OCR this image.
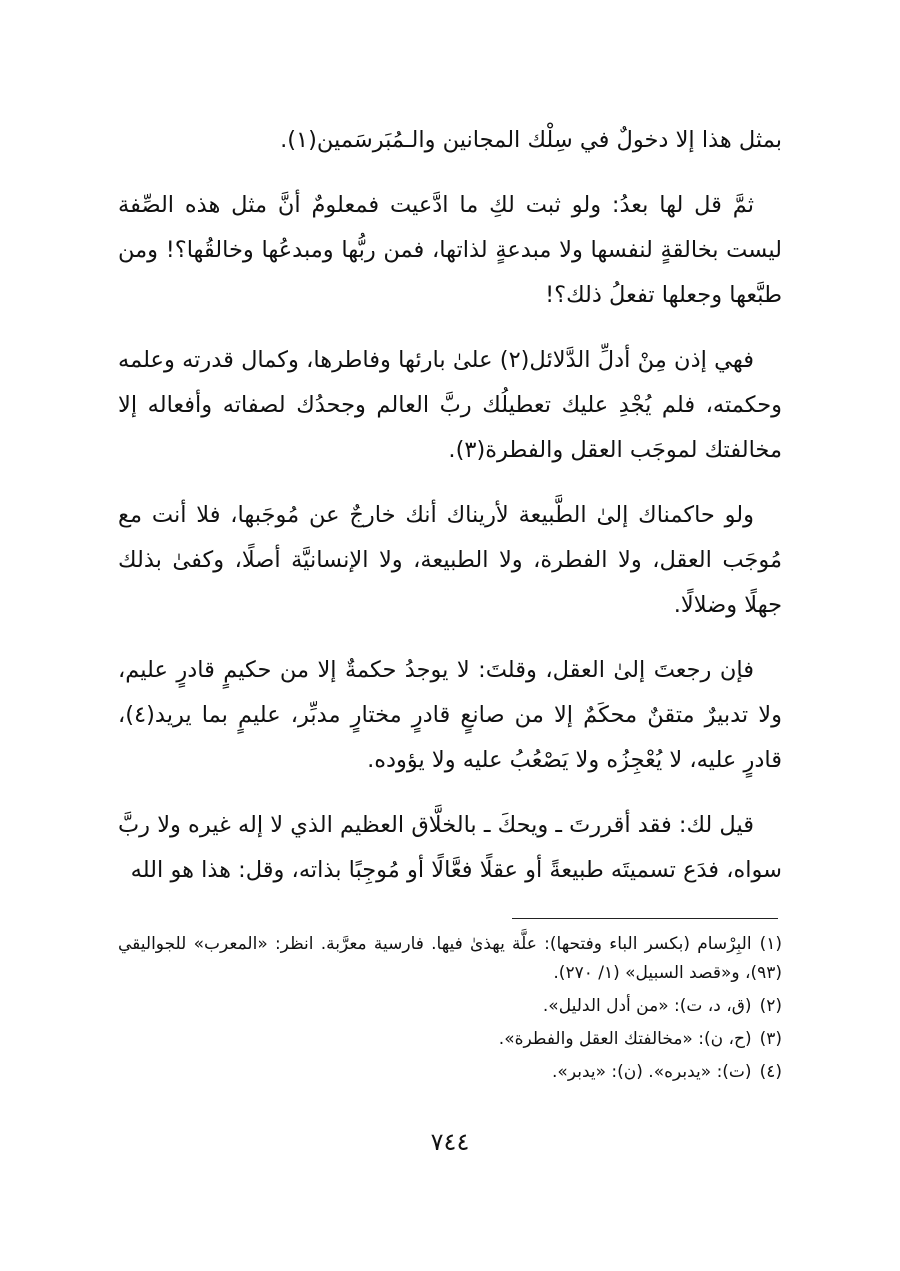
بمثل هذا إلا دخولٌ في سِلْك المجانين والـمُبَرسَمين(١).

ثمَّ قل لها بعدُ: ولو ثبت لكِ ما ادَّعيت فمعلومٌ أنَّ مثل هذه الصِّفة ليست بخالقةٍ لنفسها ولا مبدعةٍ لذاتها، فمن ربُّها ومبدعُها وخالقُها؟! ومن طبَّعها وجعلها تفعلُ ذلك؟!

فهي إذن مِنْ أدلِّ الدَّلائل(٢) علىٰ بارئها وفاطرها، وكمال قدرته وعلمه وحكمته، فلم يُجْدِ عليك تعطيلُك ربَّ العالم وجحدُك لصفاته وأفعاله إلا مخالفتك لموجَب العقل والفطرة(٣).

ولو حاكمناك إلىٰ الطَّبيعة لأريناك أنك خارجٌ عن مُوجَبها، فلا أنت مع مُوجَب العقل، ولا الفطرة، ولا الطبيعة، ولا الإنسانيَّة أصلًا، وكفىٰ بذلك جهلًا وضلالًا.

فإن رجعتَ إلىٰ العقل، وقلتَ: لا يوجدُ حكمةٌ إلا من حكيمٍ قادرٍ عليم، ولا تدبيرٌ متقنٌ محكَمٌ إلا من صانعٍ قادرٍ مختارٍ مدبِّر، عليمٍ بما يريد(٤)، قادرٍ عليه، لا يُعْجِزُه ولا يَصْعُبُ عليه ولا يؤوده.

قيل لك: فقد أقررتَ ـ ويحكَ ـ بالخلَّاق العظيم الذي لا إله غيره ولا ربَّ سواه، فدَع تسميتَه طبيعةً أو عقلًا فعَّالًا أو مُوجِبًا بذاته، وقل: هذا هو الله

(١)البِرْسام (بكسر الباء وفتحها): علَّة يهذىٰ فيها. فارسية معرَّبة. انظر: «المعرب» للجواليقي (٩٣)، و«قصد السبيل» (١/ ٢٧٠).

(٢)(ق، د، ت): «من أدل الدليل».

(٣)(ح، ن): «مخالفتك العقل والفطرة».

(٤)(ت): «يدبره». (ن): «يدبر».

٧٤٤
